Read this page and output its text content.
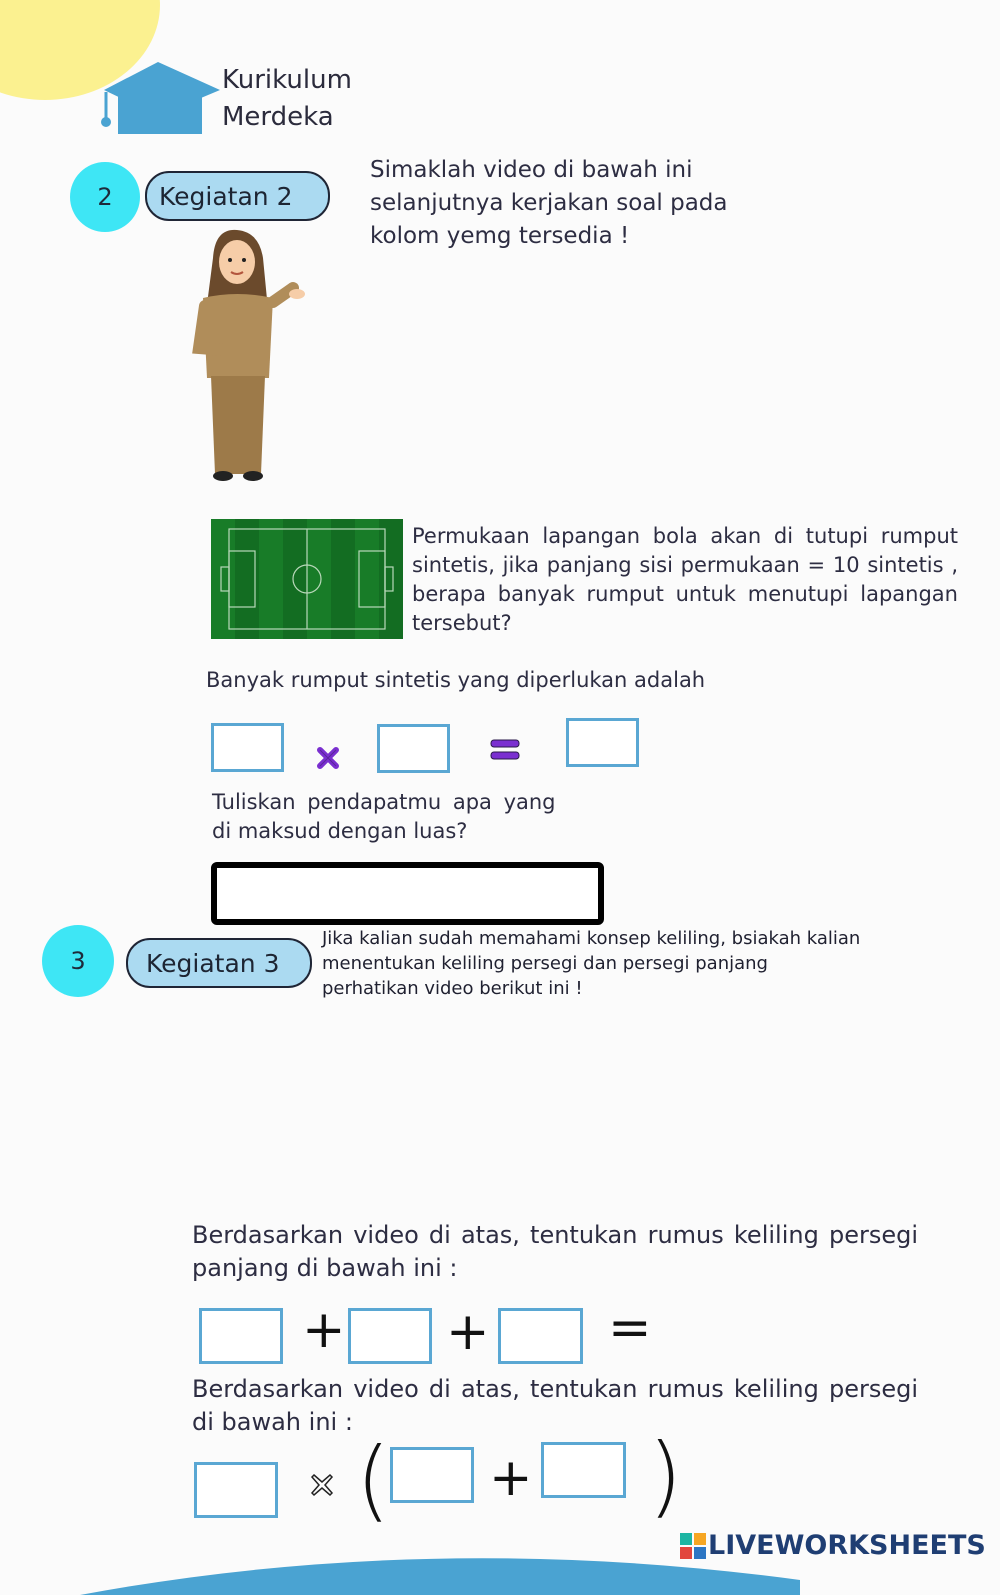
Kurikulum
Merdeka
2	Kegiatan 2
Simaklah video di bawah ini
selanjutnya kerjakan soal pada
kolom yemg tersedia !
Permukaan lapangan bola akan di tutupi rumput sintetis, jika panjang sisi permukaan = 10 sintetis , berapa banyak rumput untuk menutupi lapangan tersebut?
Banyak rumput sintetis yang diperlukan adalah
Tuliskan pendapatmu apa yang
di maksud dengan luas?
3	Kegiatan 3
Jika kalian sudah memahami konsep keliling, bsiakah kalian
menentukan keliling persegi dan persegi panjang
perhatikan video berikut ini !
Berdasarkan video di atas, tentukan rumus keliling persegi panjang di bawah ini :
+ + =
Berdasarkan video di atas, tentukan rumus keliling persegi di bawah ini :
( + )
LIVEWORKSHEETS
